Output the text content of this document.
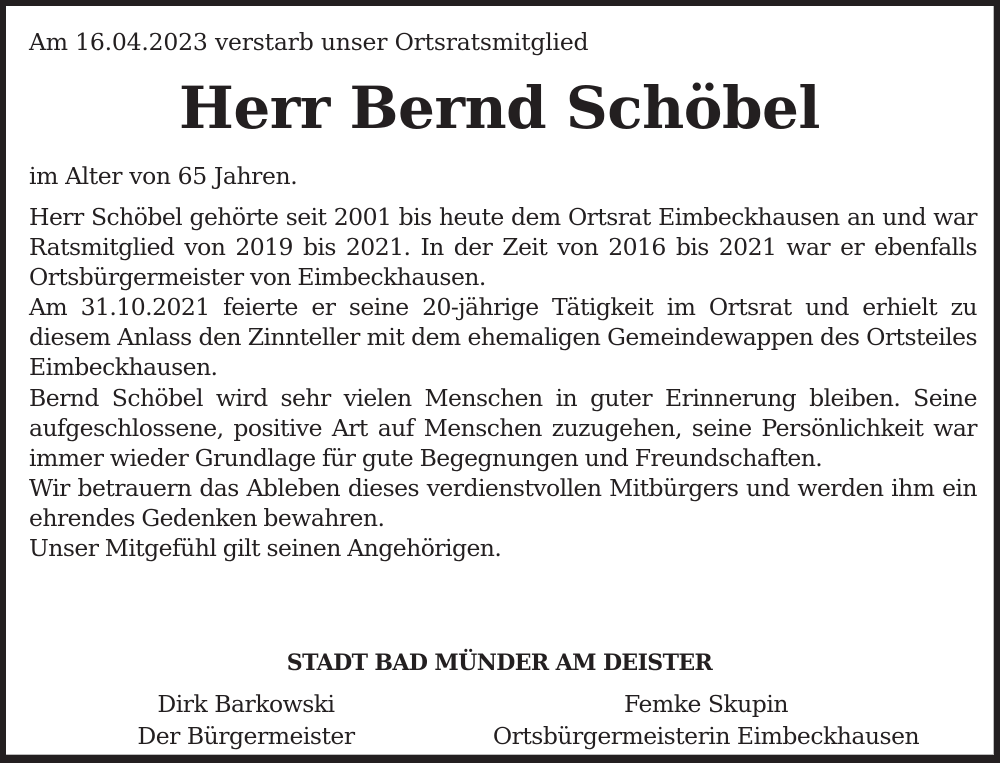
Am 16.04.2023 verstarb unser Ortsratsmitglied
Herr Bernd Schöbel
im Alter von 65 Jahren.

Herr Schöbel gehörte seit 2001 bis heute dem Ortsrat Eimbeckhausen an und war Ratsmitglied von 2019 bis 2021. In der Zeit von 2016 bis 2021 war er ebenfalls Ortsbürgermeister von Eimbeckhausen.

Am 31.10.2021 feierte er seine 20-jährige Tätigkeit im Ortsrat und erhielt zu diesem Anlass den Zinnteller mit dem ehemaligen Gemeindewappen des Ortsteiles Eimbeckhausen.

Bernd Schöbel wird sehr vielen Menschen in guter Erinnerung bleiben. Seine aufgeschlossene, positive Art auf Menschen zuzugehen, seine Persönlichkeit war immer wieder Grundlage für gute Begegnungen und Freundschaften.

Wir betrauern das Ableben dieses verdienstvollen Mitbürgers und werden ihm ein ehrendes Gedenken bewahren.

Unser Mitgefühl gilt seinen Angehörigen.

STADT BAD MÜNDER AM DEISTER
Dirk Barkowski
Der Bürgermeister
Femke Skupin
Ortsbürgermeisterin Eimbeckhausen
